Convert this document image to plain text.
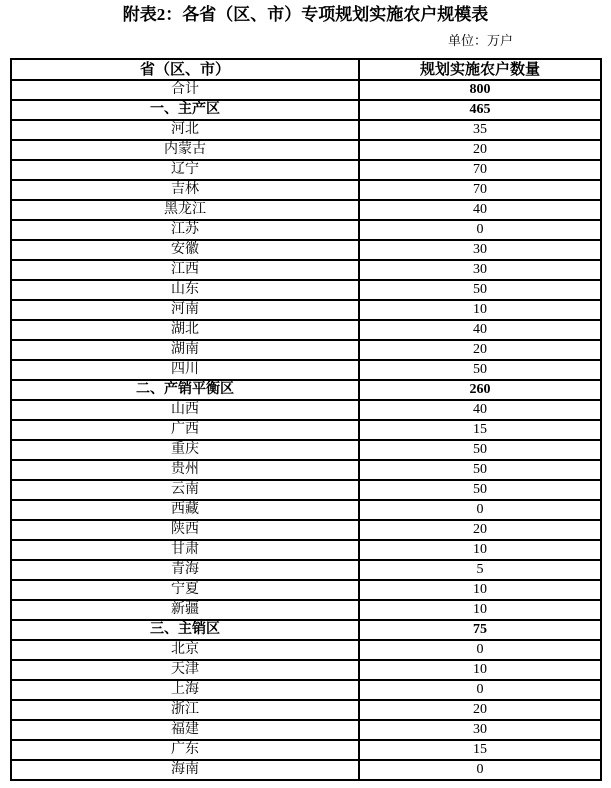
附表2：各省（区、市）专项规划实施农户规模表
单位：万户
省（区、市）	规划实施农户数量
合计	800
一、主产区	465
河北	35
内蒙古	20
辽宁	70
吉林	70
黑龙江	40
江苏	0
安徽	30
江西	30
山东	50
河南	10
湖北	40
湖南	20
四川	50
二、产销平衡区	260
山西	40
广西	15
重庆	50
贵州	50
云南	50
西藏	0
陕西	20
甘肃	10
青海	5
宁夏	10
新疆	10
三、主销区	75
北京	0
天津	10
上海	0
浙江	20
福建	30
广东	15
海南	0
